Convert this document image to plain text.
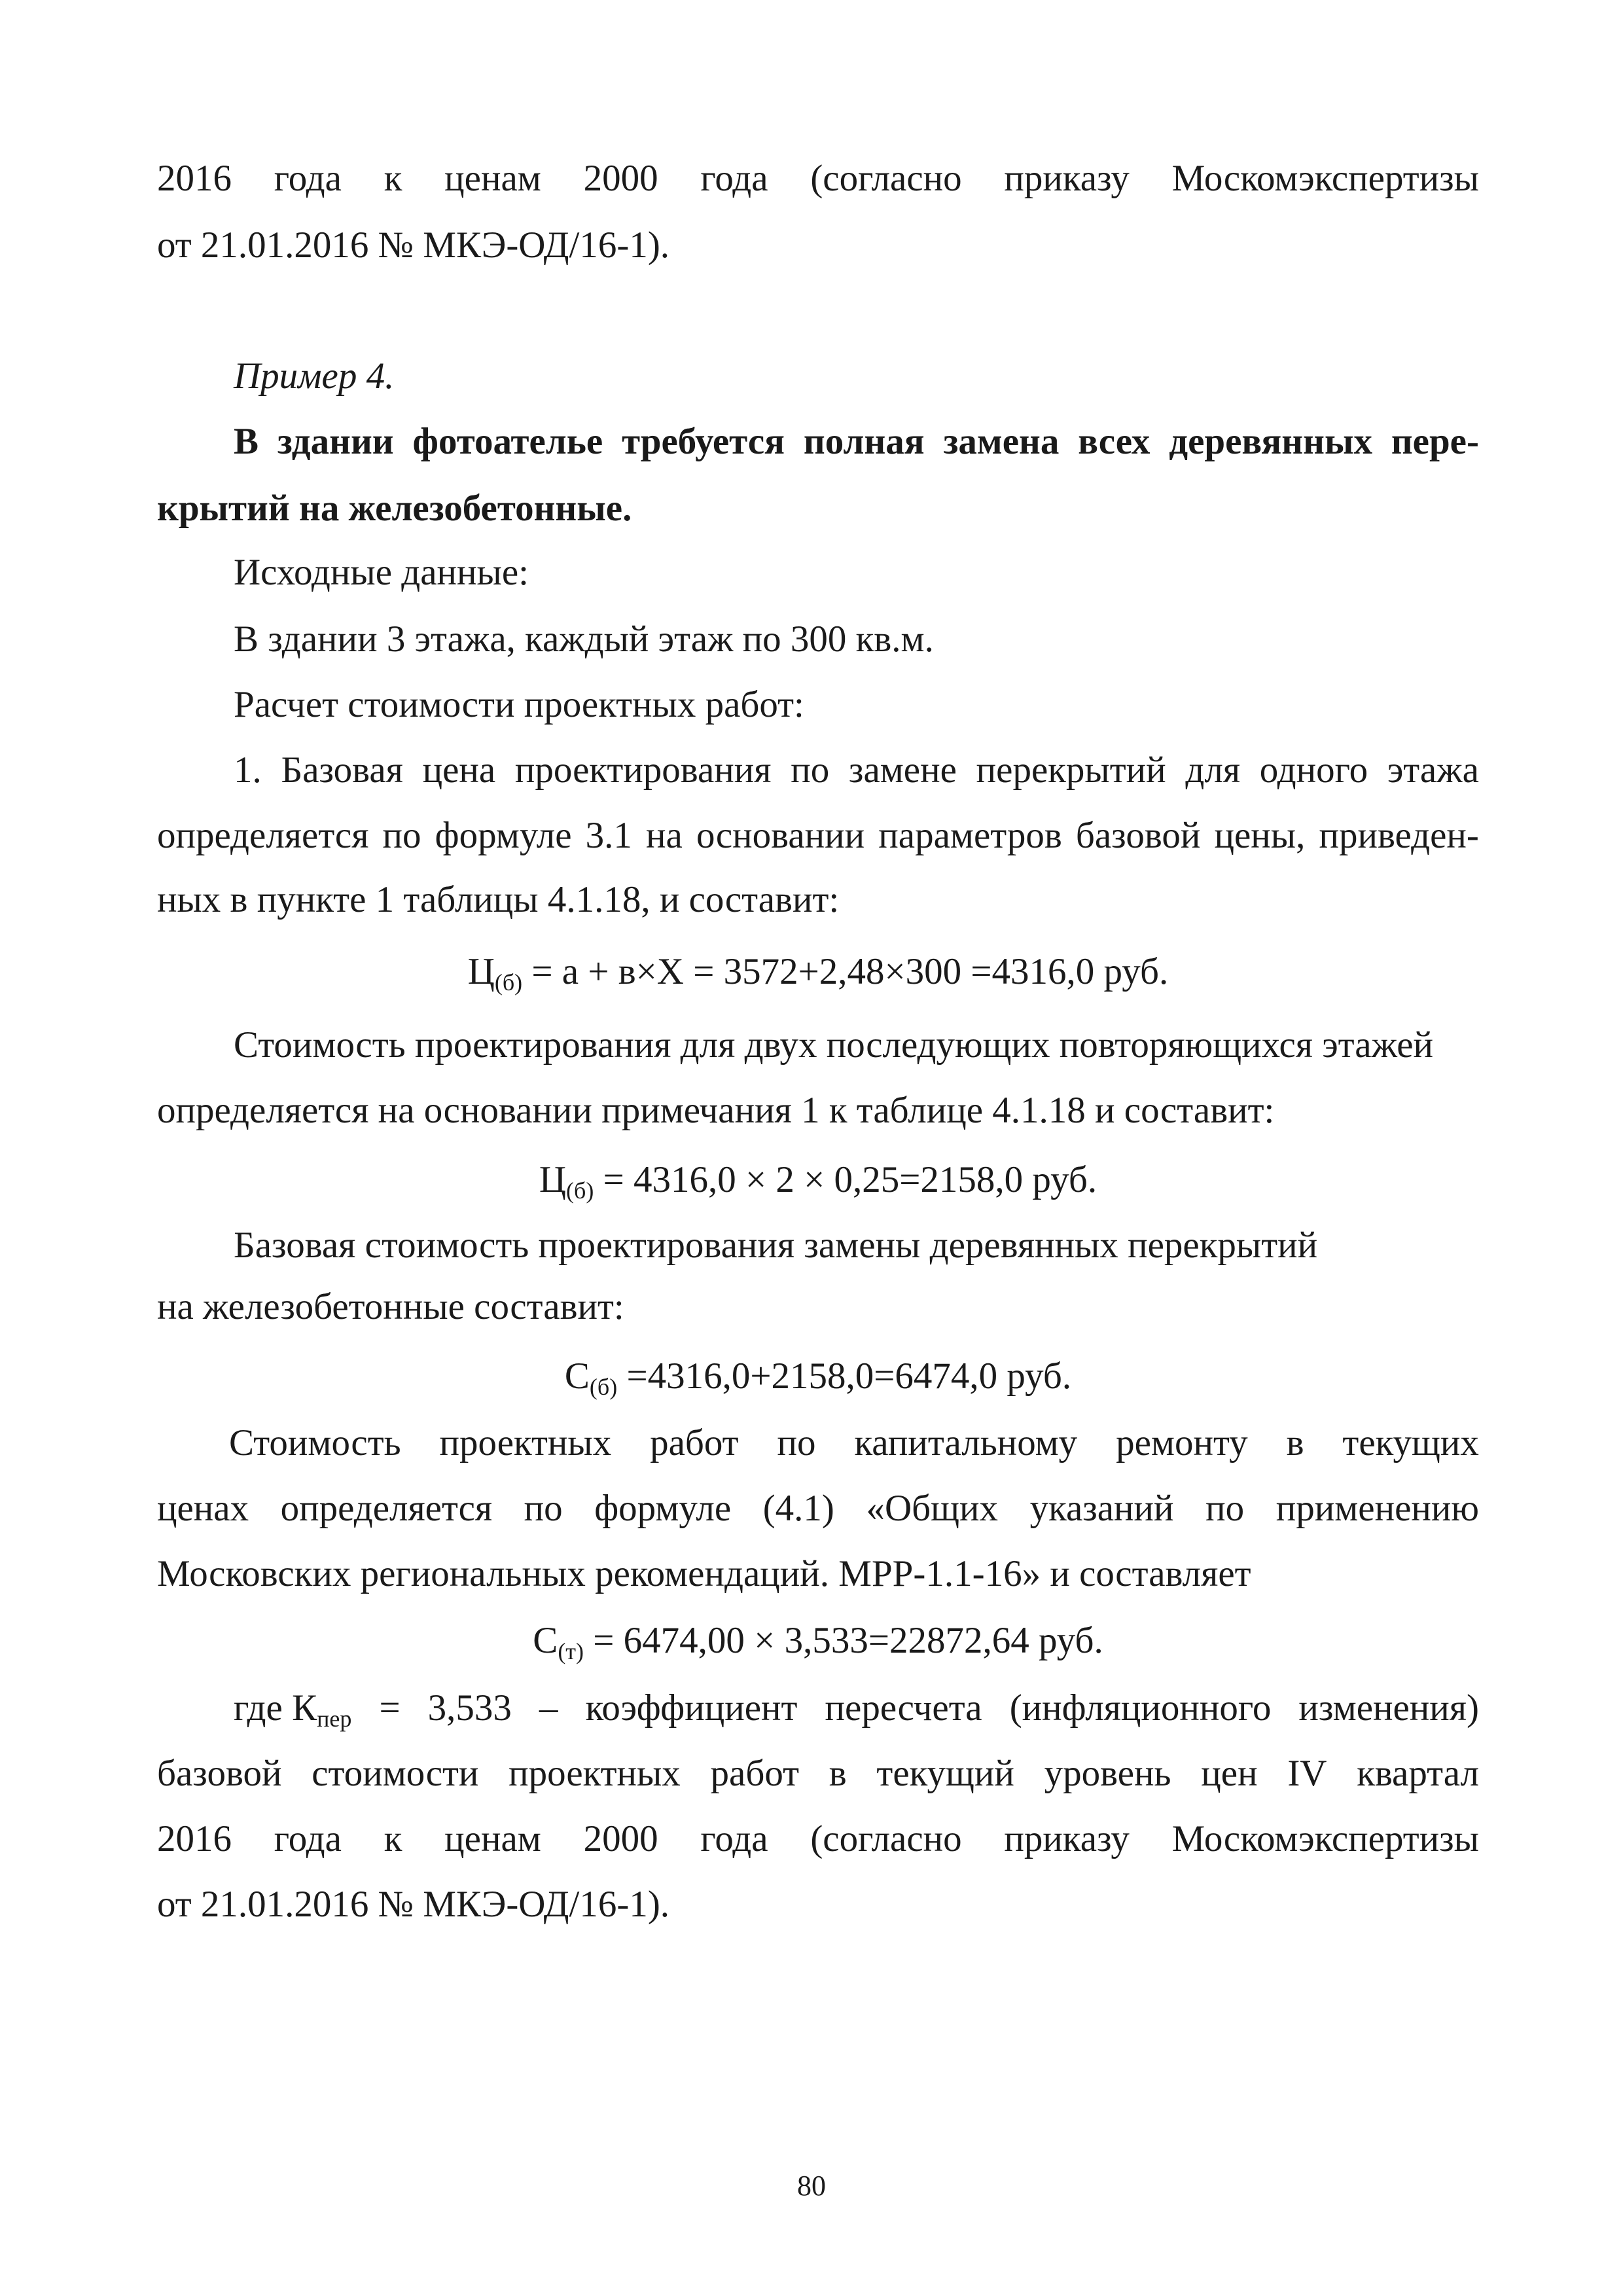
2016 года к ценам 2000 года (согласно приказу Москомэкспертизы
от 21.01.2016 № МКЭ-ОД/16-1).
Пример 4.
В здании фотоателье требуется полная замена всех деревянных пере-
крытий на железобетонные.
Исходные данные:
В здании 3 этажа, каждый этаж по 300 кв.м.
Расчет стоимости проектных работ:
1. Базовая цена проектирования по замене перекрытий для одного этажа
определяется по формуле 3.1 на основании параметров базовой цены, приведен-
ных в пункте 1 таблицы 4.1.18, и составит:
$Ц_{(б)} = а + в\times Х = 3572+2,48\times 300 =4316,0$ руб.
Стоимость проектирования для двух последующих повторяющихся этажей
определяется на основании примечания 1 к таблице 4.1.18 и составит:
$Ц_{(б)} = 4316,0 \times 2 \times 0,25=2158,0$ руб.
Базовая стоимость проектирования замены деревянных перекрытий
на железобетонные составит:
$С_{(б)} =4316,0+2158,0=6474,0$ руб.
Стоимость проектных работ по капитальному ремонту в текущих
ценах определяется по формуле (4.1) «Общих указаний по применению
Московских региональных рекомендаций. МРР-1.1-16» и составляет
$С_{(т)} = 6474,00 \times 3,533=22872,64$ руб.
где $К_{пер} = 3,533$ – коэффициент пересчета (инфляционного изменения)
базовой стоимости проектных работ в текущий уровень цен IV квартал
2016 года к ценам 2000 года (согласно приказу Москомэкспертизы
от 21.01.2016 № МКЭ-ОД/16-1).
80
